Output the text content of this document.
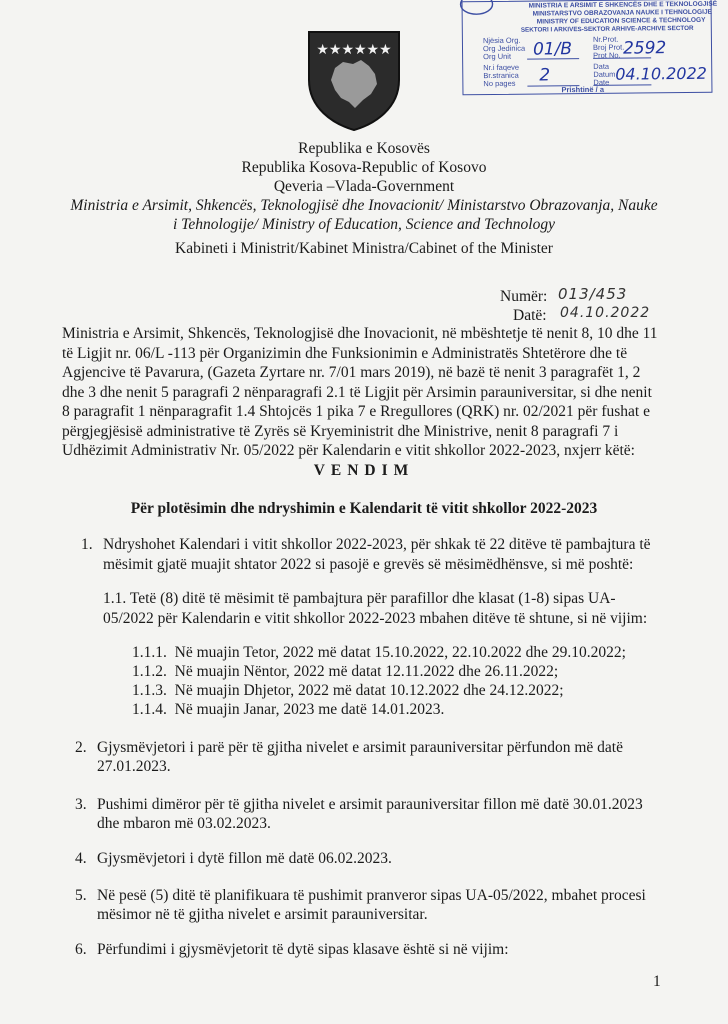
MINISTRIA E ARSIMIT E SHKENCËS DHE E TEKNOLOGJISË
MINISTARSTVO OBRAZOVANJA NAUKE I TEHNOLOGIJE
MINISTRY OF EDUCATION SCIENCE & TECHNOLOGY
SEKTORI I ARKIVES-SEKTOR ARHIVE-ARCHIVE SECTOR
Njësia Org.
Org Jedinica
Org Unit
Nr.i faqeve
Br.stranica
No pages
Nr.Prot.
Broj Prot.
Prot No.
Data
Datum
Date
01/B	2592
2	04.10.2022
Prishtinë / a
★★★★★★
Republika e Kosovës
Republika Kosova-Republic of Kosovo
Qeveria –Vlada-Government
Ministria e Arsimit, Shkencës, Teknologjisë dhe Inovacionit/ Ministarstvo Obrazovanja, Nauke
i Tehnologije/ Ministry of Education, Science and Technology
Kabineti i Ministrit/Kabinet Ministra/Cabinet of the Minister
Numër: 013/453
Datë: 04.10.2022
Ministria e Arsimit, Shkencës, Teknologjisë dhe Inovacionit, në mbështetje të nenit 8, 10 dhe 11
të Ligjit nr. 06/L -113 për Organizimin dhe Funksionimin e Administratës Shtetërore dhe të
Agjencive të Pavarura, (Gazeta Zyrtare nr. 7/01 mars 2019), në bazë të nenit 3 paragrafët 1, 2
dhe 3 dhe nenit 5 paragrafi 2 nënparagrafi 2.1 të Ligjit për Arsimin parauniversitar, si dhe nenit
8 paragrafit 1 nënparagrafit 1.4 Shtojcës 1 pika 7 e Rregullores (QRK) nr. 02/2021 për fushat e
përgjegjësisë administrative të Zyrës së Kryeministrit dhe Ministrive, nenit 8 paragrafi 7 i
Udhëzimit Administrativ Nr. 05/2022 për Kalendarin e vitit shkollor 2022-2023, nxjerr këtë:
VENDIM
Për plotësimin dhe ndryshimin e Kalendarit të vitit shkollor 2022-2023
1. Ndryshohet Kalendari i vitit shkollor 2022-2023, për shkak të 22 ditëve të pambajtura të
mësimit gjatë muajit shtator 2022 si pasojë e grevës së mësimëdhënsve, si më poshtë:
1.1. Tetë (8) ditë të mësimit të pambajtura për parafillor dhe klasat (1-8) sipas UA-
05/2022 për Kalendarin e vitit shkollor 2022-2023 mbahen ditëve të shtune, si në vijim:
1.1.1.  Në muajin Tetor, 2022 më datat 15.10.2022, 22.10.2022 dhe 29.10.2022;
1.1.2.  Në muajin Nëntor, 2022 më datat 12.11.2022 dhe 26.11.2022;
1.1.3.  Në muajin Dhjetor, 2022 më datat 10.12.2022 dhe 24.12.2022;
1.1.4.  Në muajin Janar, 2023 me datë 14.01.2023.
2. Gjysmëvjetori i parë për të gjitha nivelet e arsimit parauniversitar përfundon më datë
27.01.2023.
3. Pushimi dimëror për të gjitha nivelet e arsimit parauniversitar fillon më datë 30.01.2023
dhe mbaron më 03.02.2023.
4. Gjysmëvjetori i dytë fillon më datë 06.02.2023.
5. Në pesë (5) ditë të planifikuara të pushimit pranveror sipas UA-05/2022, mbahet procesi
mësimor në të gjitha nivelet e arsimit parauniversitar.
6. Përfundimi i gjysmëvjetorit të dytë sipas klasave është si në vijim:
1
